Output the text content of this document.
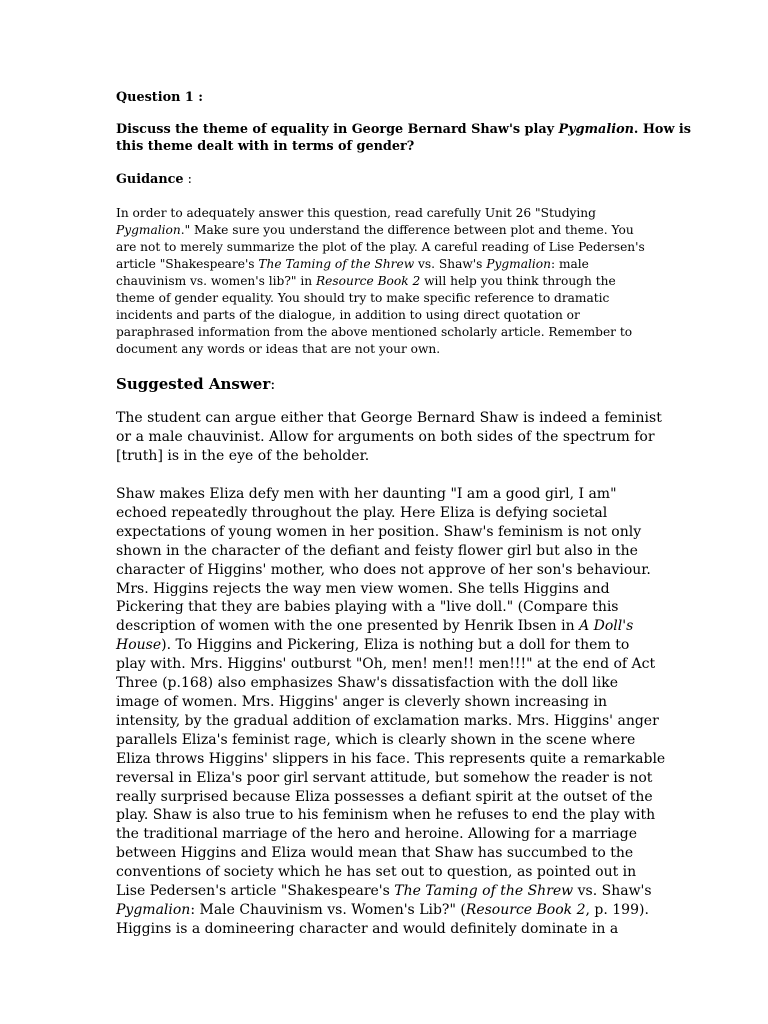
Question 1 :
Discuss the theme of equality in George Bernard Shaw's play Pygmalion. How is
this theme dealt with in terms of gender?
Guidance :
In order to adequately answer this question, read carefully Unit 26 "Studying
Pygmalion." Make sure you understand the difference between plot and theme. You
are not to merely summarize the plot of the play. A careful reading of Lise Pedersen's
article "Shakespeare's The Taming of the Shrew vs. Shaw's Pygmalion: male
chauvinism vs. women's lib?" in Resource Book 2 will help you think through the
theme of gender equality. You should try to make specific reference to dramatic
incidents and parts of the dialogue, in addition to using direct quotation or
paraphrased information from the above mentioned scholarly article. Remember to
document any words or ideas that are not your own.
Suggested Answer:
The student can argue either that George Bernard Shaw is indeed a feminist
or a male chauvinist. Allow for arguments on both sides of the spectrum for
[truth] is in the eye of the beholder.
Shaw makes Eliza defy men with her daunting "I am a good girl, I am"
echoed repeatedly throughout the play. Here Eliza is defying societal
expectations of young women in her position. Shaw's feminism is not only
shown in the character of the defiant and feisty flower girl but also in the
character of Higgins' mother, who does not approve of her son's behaviour.
Mrs. Higgins rejects the way men view women. She tells Higgins and
Pickering that they are babies playing with a "live doll." (Compare this
description of women with the one presented by Henrik Ibsen in A Doll's
House). To Higgins and Pickering, Eliza is nothing but a doll for them to
play with. Mrs. Higgins' outburst "Oh, men! men!! men!!!" at the end of Act
Three (p.168) also emphasizes Shaw's dissatisfaction with the doll like
image of women. Mrs. Higgins' anger is cleverly shown increasing in
intensity, by the gradual addition of exclamation marks. Mrs. Higgins' anger
parallels Eliza's feminist rage, which is clearly shown in the scene where
Eliza throws Higgins' slippers in his face. This represents quite a remarkable
reversal in Eliza's poor girl servant attitude, but somehow the reader is not
really surprised because Eliza possesses a defiant spirit at the outset of the
play. Shaw is also true to his feminism when he refuses to end the play with
the traditional marriage of the hero and heroine. Allowing for a marriage
between Higgins and Eliza would mean that Shaw has succumbed to the
conventions of society which he has set out to question, as pointed out in
Lise Pedersen's article "Shakespeare's The Taming of the Shrew vs. Shaw's
Pygmalion: Male Chauvinism vs. Women's Lib?" (Resource Book 2, p. 199).
Higgins is a domineering character and would definitely dominate in a
